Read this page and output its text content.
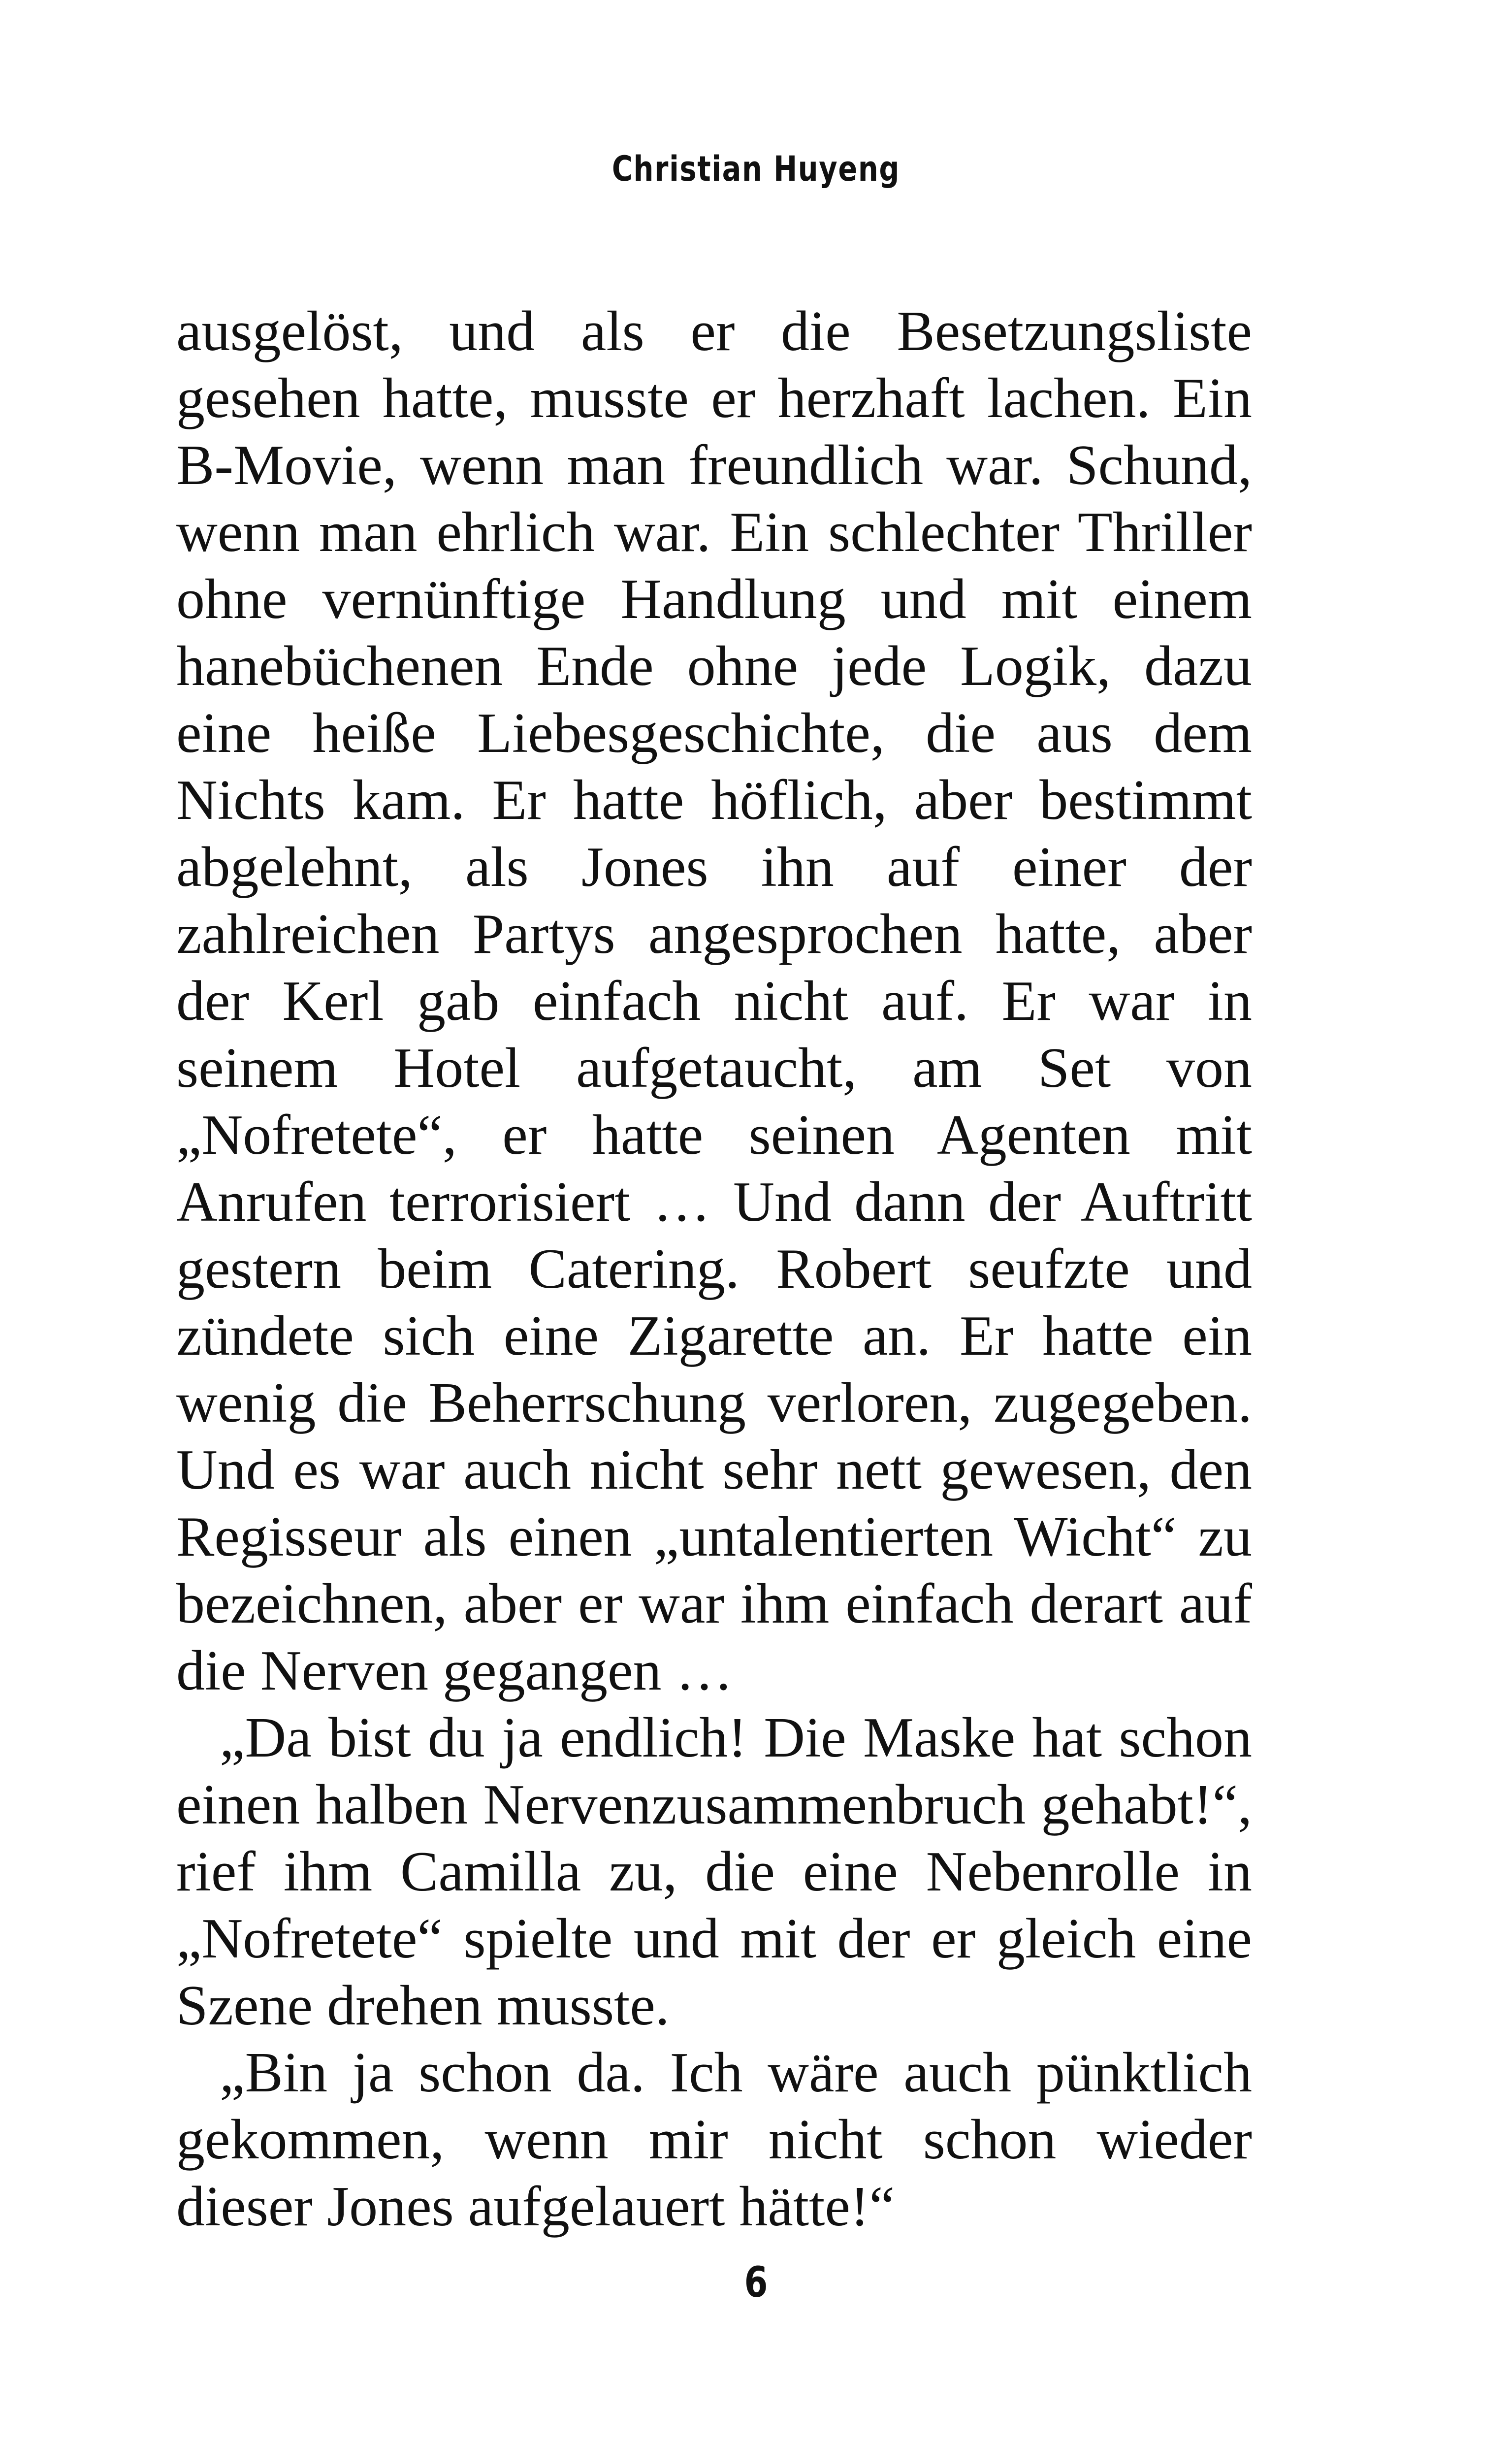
Christian Huyeng

ausgelöst, und als er die Besetzungsliste gesehen hatte, musste er herzhaft lachen. Ein B-Movie, wenn man freundlich war. Schund, wenn man ehrlich war. Ein schlechter Thriller ohne vernünftige Handlung und mit einem hanebüchenen Ende ohne jede Logik, dazu eine heiße Liebesgeschichte, die aus dem Nichts kam. Er hatte höflich, aber bestimmt abgelehnt, als Jones ihn auf einer der zahlreichen Partys angesprochen hatte, aber der Kerl gab einfach nicht auf. Er war in seinem Hotel aufgetaucht, am Set von „Nofretete“, er hatte seinen Agenten mit Anrufen terrorisiert … Und dann der Auftritt gestern beim Catering. Robert seufzte und zündete sich eine Zigarette an. Er hatte ein wenig die Beherrschung verloren, zugegeben. Und es war auch nicht sehr nett gewesen, den Regisseur als einen „untalentierten Wicht“ zu bezeichnen, aber er war ihm einfach derart auf die Nerven gegangen …

„Da bist du ja endlich! Die Maske hat schon einen halben Nervenzusammenbruch gehabt!“, rief ihm Camilla zu, die eine Nebenrolle in „Nofretete“ spielte und mit der er gleich eine Szene drehen musste.

„Bin ja schon da. Ich wäre auch pünktlich gekommen, wenn mir nicht schon wieder dieser Jones aufgelauert hätte!“

6
